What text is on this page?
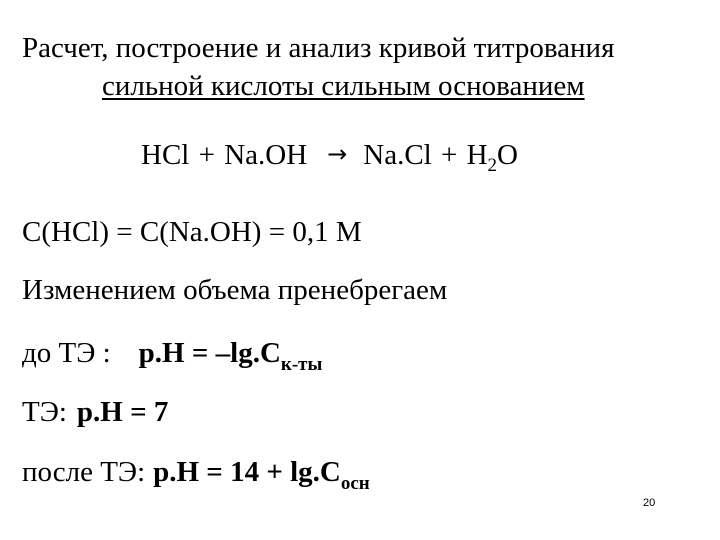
Расчет, построение и анализ кривой титрования
сильной кислоты сильным основанием
HCl + $Na.OH \to Na.Cl + H_2O$
C(HCl) = C(Na.OH) = 0,1 M
Изменением объема пренебрегаем
до ТЭ : $p.H = -\lg.C_{к-ты}$
ТЭ: p.H = 7
после ТЭ: $p.H = 14 + \lg.C_{осн}$
20
